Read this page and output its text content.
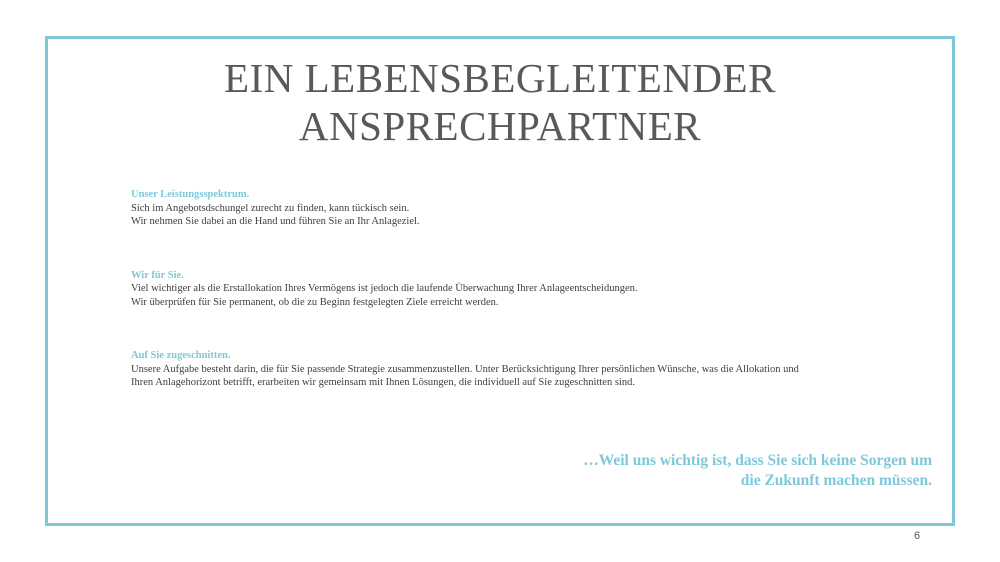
EIN LEBENSBEGLEITENDER
ANSPRECHPARTNER
Unser Leistungsspektrum.
Sich im Angebotsdschungel zurecht zu finden, kann tückisch sein.
Wir nehmen Sie dabei an die Hand und führen Sie an Ihr Anlageziel.
Wir für Sie.
Viel wichtiger als die Erstallokation Ihres Vermögens ist jedoch die laufende Überwachung Ihrer Anlageentscheidungen.
Wir überprüfen für Sie permanent, ob die zu Beginn festgelegten Ziele erreicht werden.
Auf Sie zugeschnitten.
Unsere Aufgabe besteht darin, die für Sie passende Strategie zusammenzustellen. Unter Berücksichtigung Ihrer persönlichen Wünsche, was die Allokation und
Ihren Anlagehorizont betrifft, erarbeiten wir gemeinsam mit Ihnen Lösungen, die individuell auf Sie zugeschnitten sind.
…Weil uns wichtig ist, dass Sie sich keine Sorgen um
die Zukunft machen müssen.
6
